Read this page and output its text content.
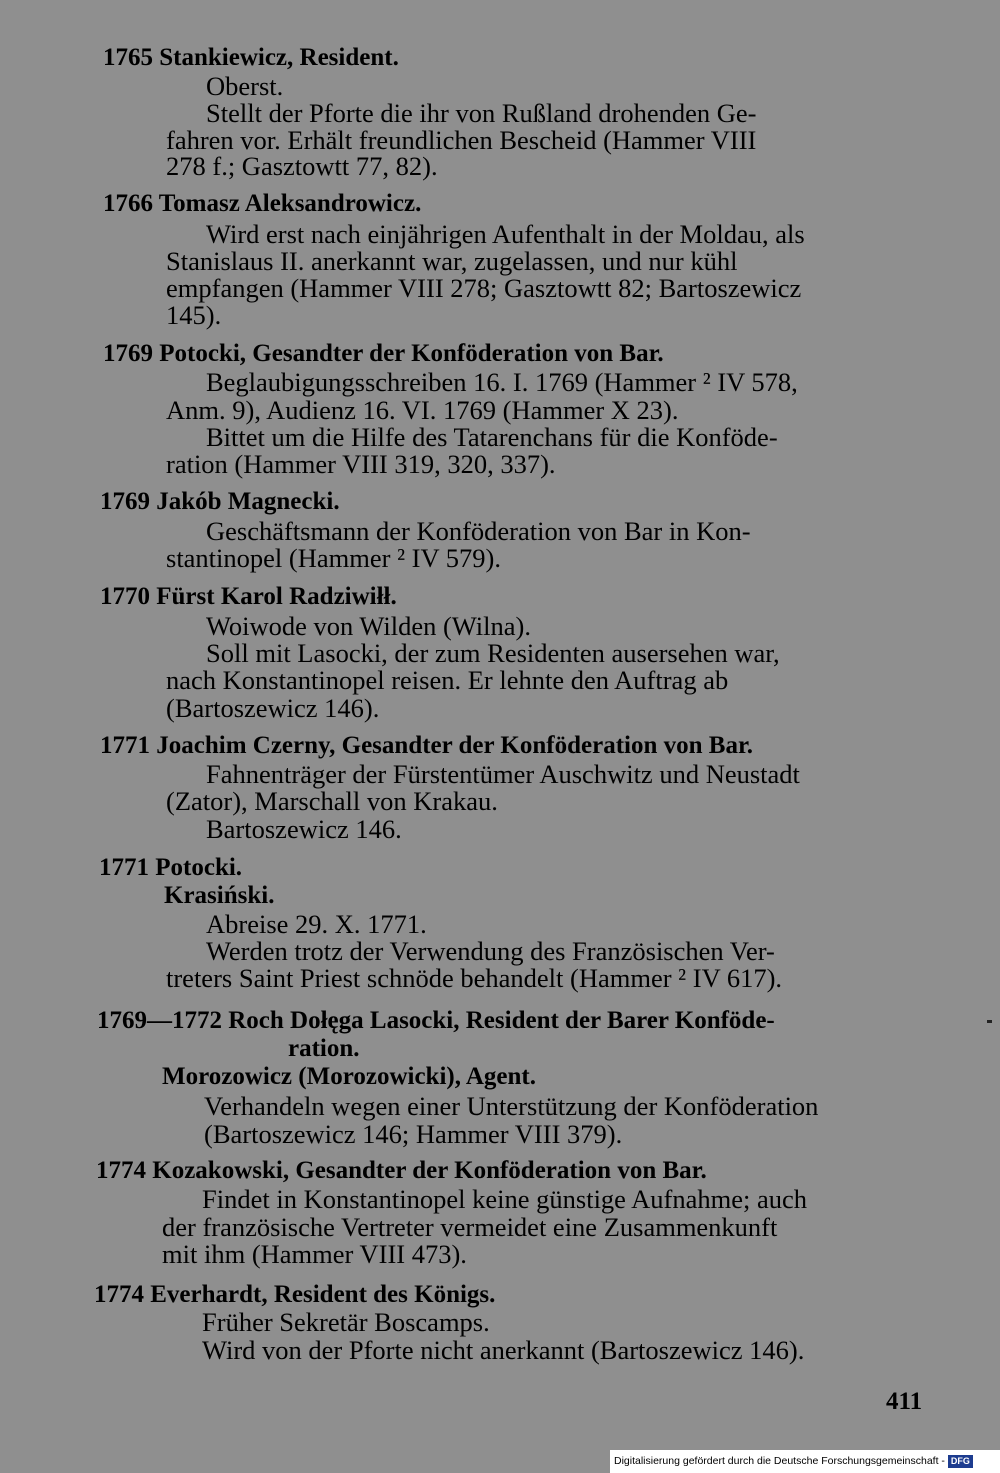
1765 Stankiewicz, Resident.
Oberst.
Stellt der Pforte die ihr von Rußland drohenden Ge-
fahren vor. Erhält freundlichen Bescheid (Hammer VIII
278 f.; Gasztowtt 77, 82).
1766 Tomasz Aleksandrowicz.
Wird erst nach einjährigen Aufenthalt in der Moldau, als
Stanislaus II. anerkannt war, zugelassen, und nur kühl
empfangen (Hammer VIII 278; Gasztowtt 82; Bartoszewicz
145).
1769 Potocki, Gesandter der Konföderation von Bar.
Beglaubigungsschreiben 16. I. 1769 (Hammer ² IV 578,
Anm. 9), Audienz 16. VI. 1769 (Hammer X 23).
Bittet um die Hilfe des Tatarenchans für die Konföde-
ration (Hammer VIII 319, 320, 337).
1769 Jakób Magnecki.
Geschäftsmann der Konföderation von Bar in Kon-
stantinopel (Hammer ² IV 579).
1770 Fürst Karol Radziwiłł.
Woiwode von Wilden (Wilna).
Soll mit Lasocki, der zum Residenten ausersehen war,
nach Konstantinopel reisen. Er lehnte den Auftrag ab
(Bartoszewicz 146).
1771 Joachim Czerny, Gesandter der Konföderation von Bar.
Fahnenträger der Fürstentümer Auschwitz und Neustadt
(Zator), Marschall von Krakau.
Bartoszewicz 146.
1771 Potocki.
Krasiński.
Abreise 29. X. 1771.
Werden trotz der Verwendung des Französischen Ver-
treters Saint Priest schnöde behandelt (Hammer ² IV 617).
1769—1772 Roch Dołęga Lasocki, Resident der Barer Konföde-
ration.
Morozowicz (Morozowicki), Agent.
Verhandeln wegen einer Unterstützung der Konföderation
(Bartoszewicz 146; Hammer VIII 379).
1774 Kozakowski, Gesandter der Konföderation von Bar.
Findet in Konstantinopel keine günstige Aufnahme; auch
der französische Vertreter vermeidet eine Zusammenkunft
mit ihm (Hammer VIII 473).
1774 Everhardt, Resident des Königs.
Früher Sekretär Boscamps.
Wird von der Pforte nicht anerkannt (Bartoszewicz 146).
411
Digitalisierung gefördert durch die Deutsche Forschungsgemeinschaft - DFG
